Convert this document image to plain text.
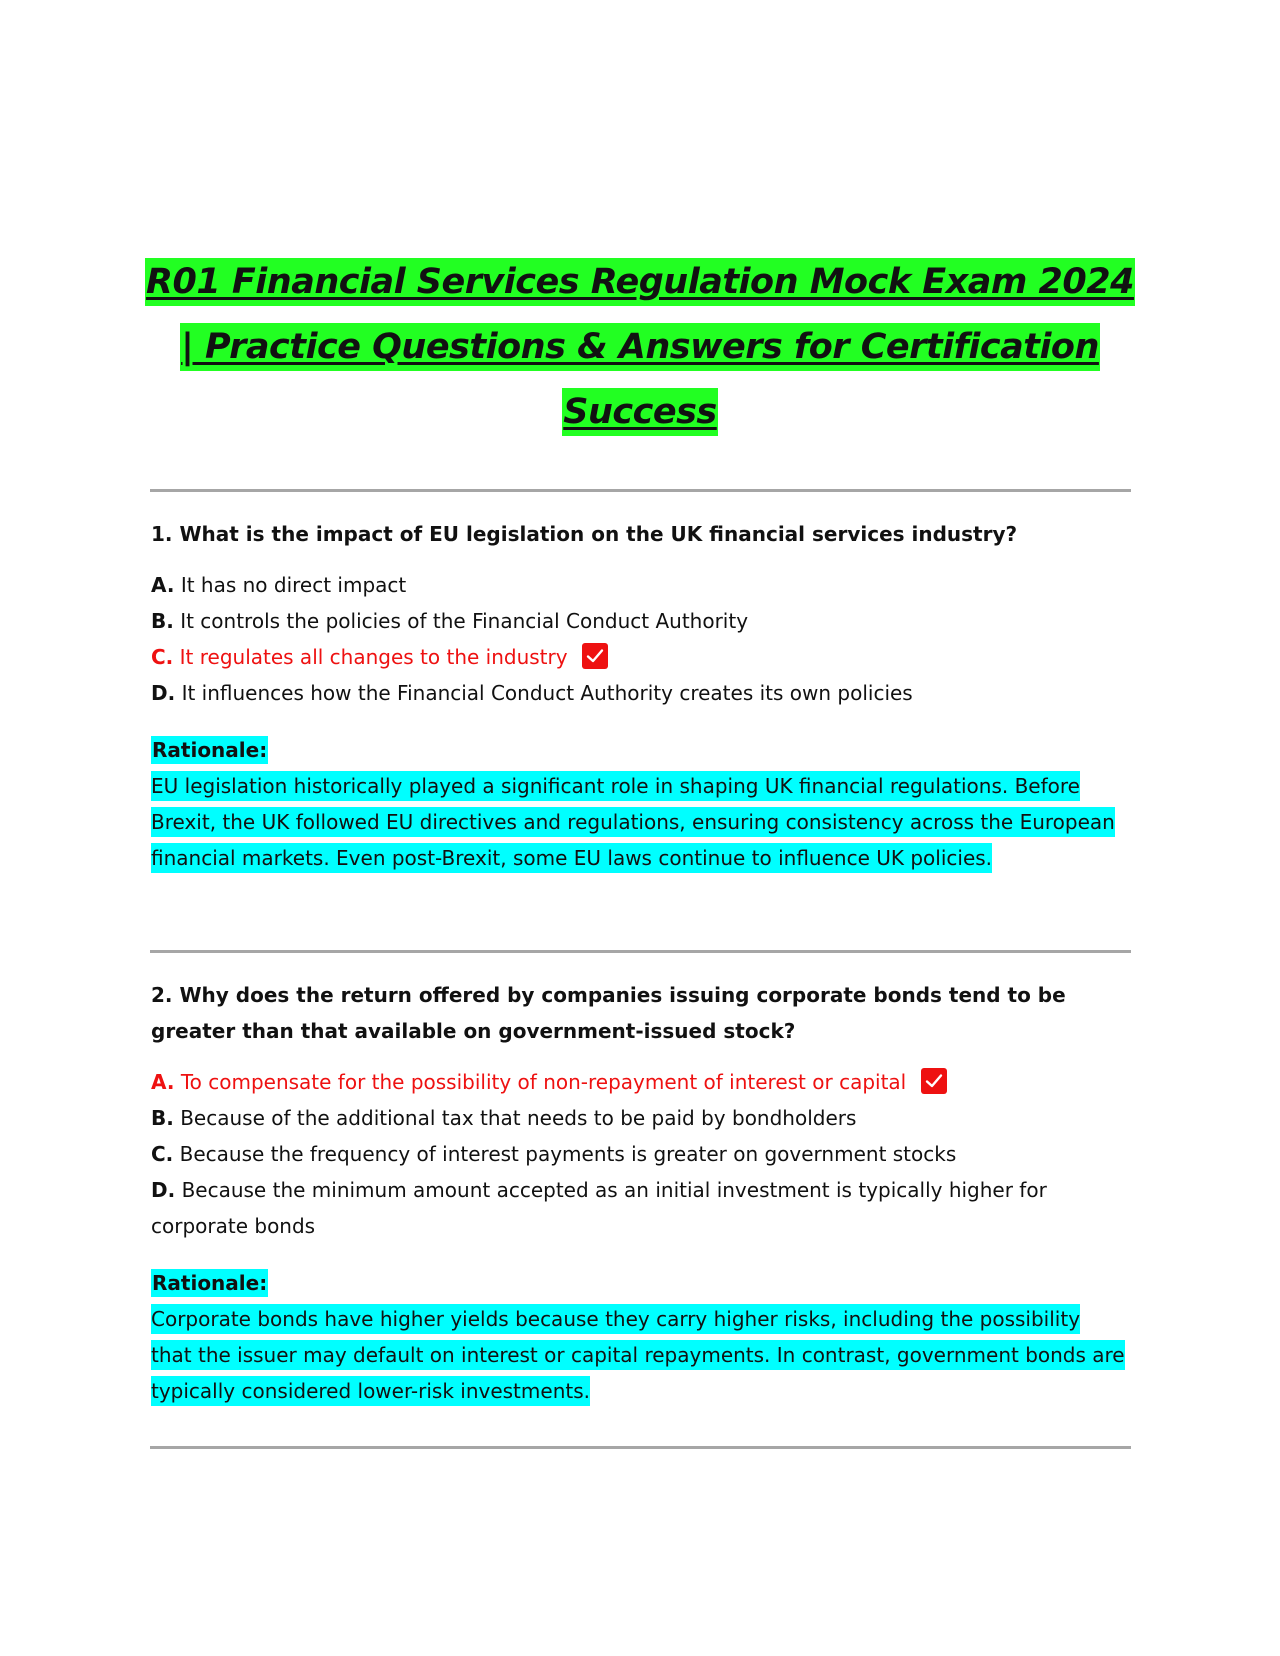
R01 Financial Services Regulation Mock Exam 2024 | Practice Questions & Answers for Certification Success
1. What is the impact of EU legislation on the UK financial services industry?
A. It has no direct impact
B. It controls the policies of the Financial Conduct Authority
C. It regulates all changes to the industry
D. It influences how the Financial Conduct Authority creates its own policies
Rationale:
EU legislation historically played a significant role in shaping UK financial regulations. Before Brexit, the UK followed EU directives and regulations, ensuring consistency across the European financial markets. Even post-Brexit, some EU laws continue to influence UK policies.
2. Why does the return offered by companies issuing corporate bonds tend to be greater than that available on government-issued stock?
A. To compensate for the possibility of non-repayment of interest or capital
B. Because of the additional tax that needs to be paid by bondholders
C. Because the frequency of interest payments is greater on government stocks
D. Because the minimum amount accepted as an initial investment is typically higher for corporate bonds
Rationale:
Corporate bonds have higher yields because they carry higher risks, including the possibility that the issuer may default on interest or capital repayments. In contrast, government bonds are typically considered lower-risk investments.
